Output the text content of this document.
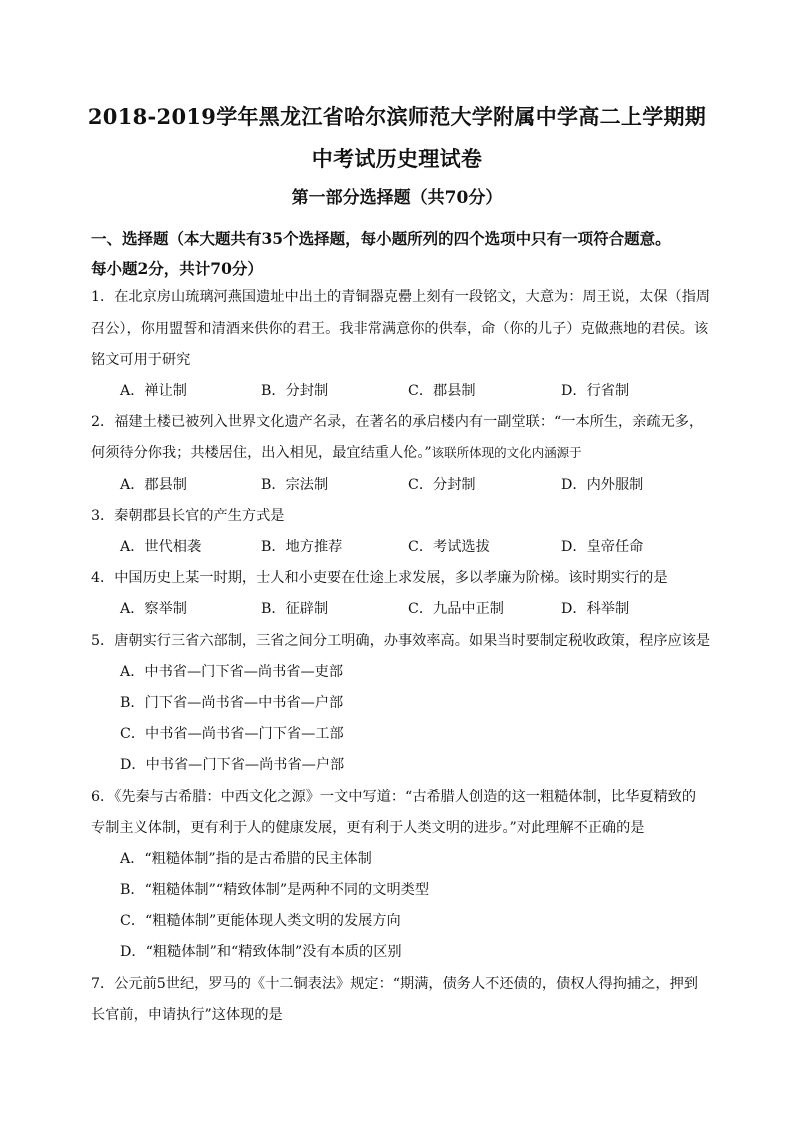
2018-2019学年黑龙江省哈尔滨师范大学附属中学高二上学期期
中考试历史理试卷
第一部分选择题（共70分）
一、选择题（本大题共有35个选择题，每小题所列的四个选项中只有一项符合题意。
每小题2分，共计70分）
1．在北京房山琉璃河燕国遗址中出土的青铜器克罍上刻有一段铭文，大意为：周王说，太保（指周
召公），你用盟誓和清酒来供你的君王。我非常满意你的供奉，命（你的儿子）克做燕地的君侯。该
铭文可用于研究
A．禅让制	B．分封制	C．郡县制	D．行省制
2．福建土楼已被列入世界文化遗产名录，在著名的承启楼内有一副堂联：“一本所生，亲疏无多，
何须待分你我；共楼居住，出入相见，最宜结重人伦。”该联所体现的文化内涵源于
A．郡县制	B．宗法制	C．分封制	D．内外服制
3．秦朝郡县长官的产生方式是
A．世代相袭	B．地方推荐	C．考试选拔	D．皇帝任命
4．中国历史上某一时期，士人和小吏要在仕途上求发展，多以孝廉为阶梯。该时期实行的是
A．察举制	B．征辟制	C．九品中正制	D．科举制
5．唐朝实行三省六部制，三省之间分工明确，办事效率高。如果当时要制定税收政策，程序应该是
A．中书省—门下省—尚书省—吏部
B．门下省—尚书省—中书省—户部
C．中书省—尚书省—门下省—工部
D．中书省—门下省—尚书省—户部
6．《先秦与古希腊：中西文化之源》一文中写道：“古希腊人创造的这一粗糙体制，比华夏精致的
专制主义体制，更有利于人的健康发展，更有利于人类文明的进步。”对此理解不正确的是
A．“粗糙体制”指的是古希腊的民主体制
B．“粗糙体制”“精致体制”是两种不同的文明类型
C．“粗糙体制”更能体现人类文明的发展方向
D．“粗糙体制”和“精致体制”没有本质的区别
7．公元前5世纪，罗马的《十二铜表法》规定：“期满，债务人不还债的，债权人得拘捕之，押到
长官前，申请执行”这体现的是
